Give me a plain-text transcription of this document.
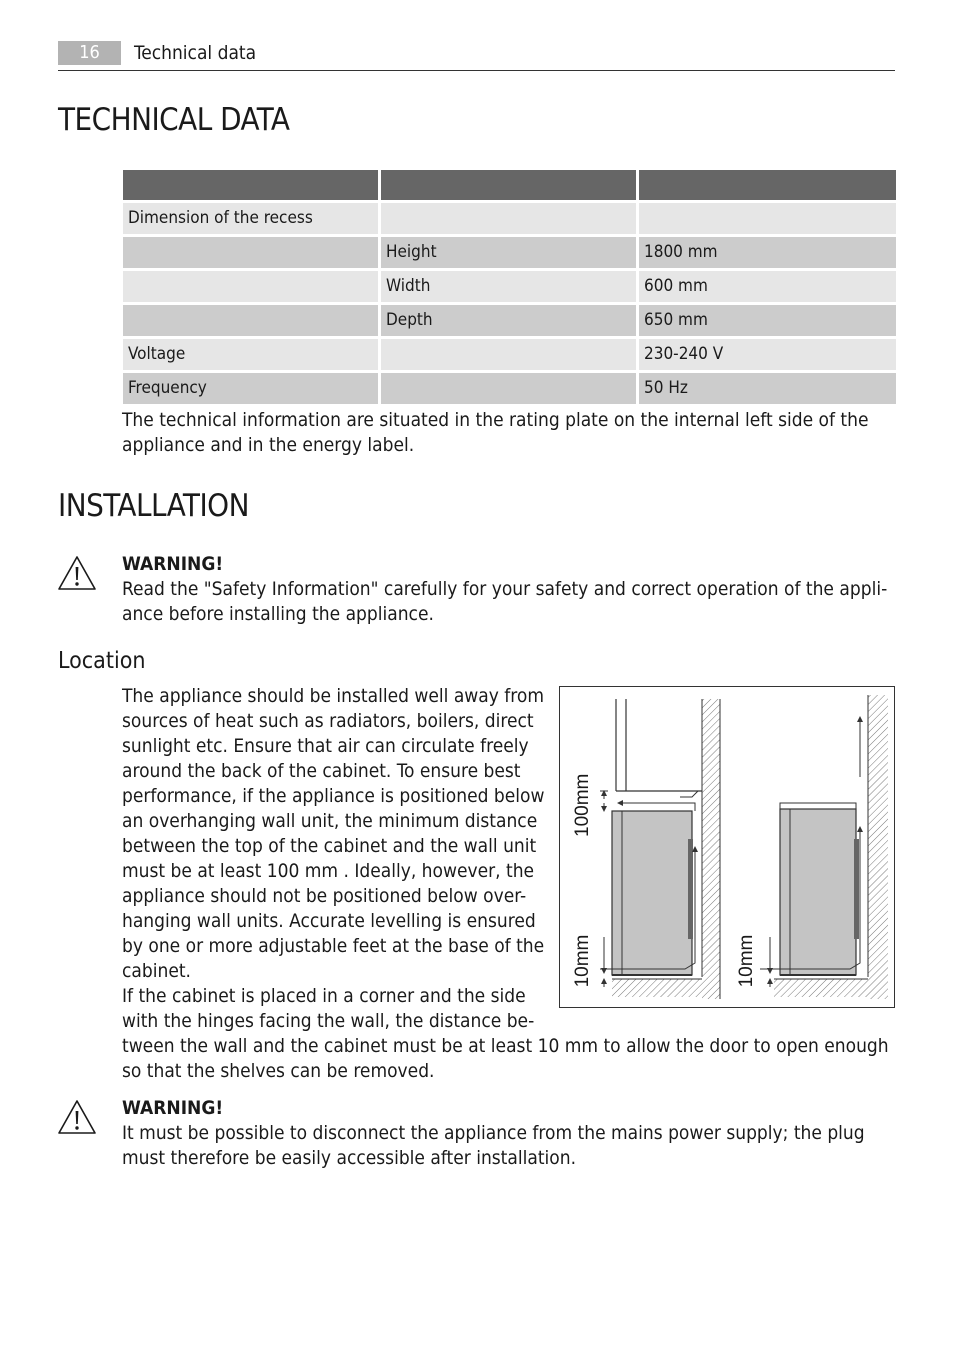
16	Technical data
TECHNICAL DATA

Dimension of the recess		
	Height	1800 mm
	Width	600 mm
	Depth	650 mm
Voltage		230-240 V
Frequency		50 Hz
The technical information are situated in the rating plate on the internal left side of the
appliance and in the energy label.
INSTALLATION
WARNING!
Read the "Safety Information" carefully for your safety and correct operation of the appli-
ance before installing the appliance.
Location
The appliance should be installed well away from
sources of heat such as radiators, boilers, direct
sunlight etc. Ensure that air can circulate freely
around the back of the cabinet. To ensure best
performance, if the appliance is positioned below
an overhanging wall unit, the minimum distance
between the top of the cabinet and the wall unit
must be at least 100 mm . Ideally, however, the
appliance should not be positioned below over-
hanging wall units. Accurate levelling is ensured
by one or more adjustable feet at the base of the
cabinet.
If the cabinet is placed in a corner and the side
with the hinges facing the wall, the distance be-
tween the wall and the cabinet must be at least 10 mm to allow the door to open enough
so that the shelves can be removed.
100mm
10mm	10mm
WARNING!
It must be possible to disconnect the appliance from the mains power supply; the plug
must therefore be easily accessible after installation.
